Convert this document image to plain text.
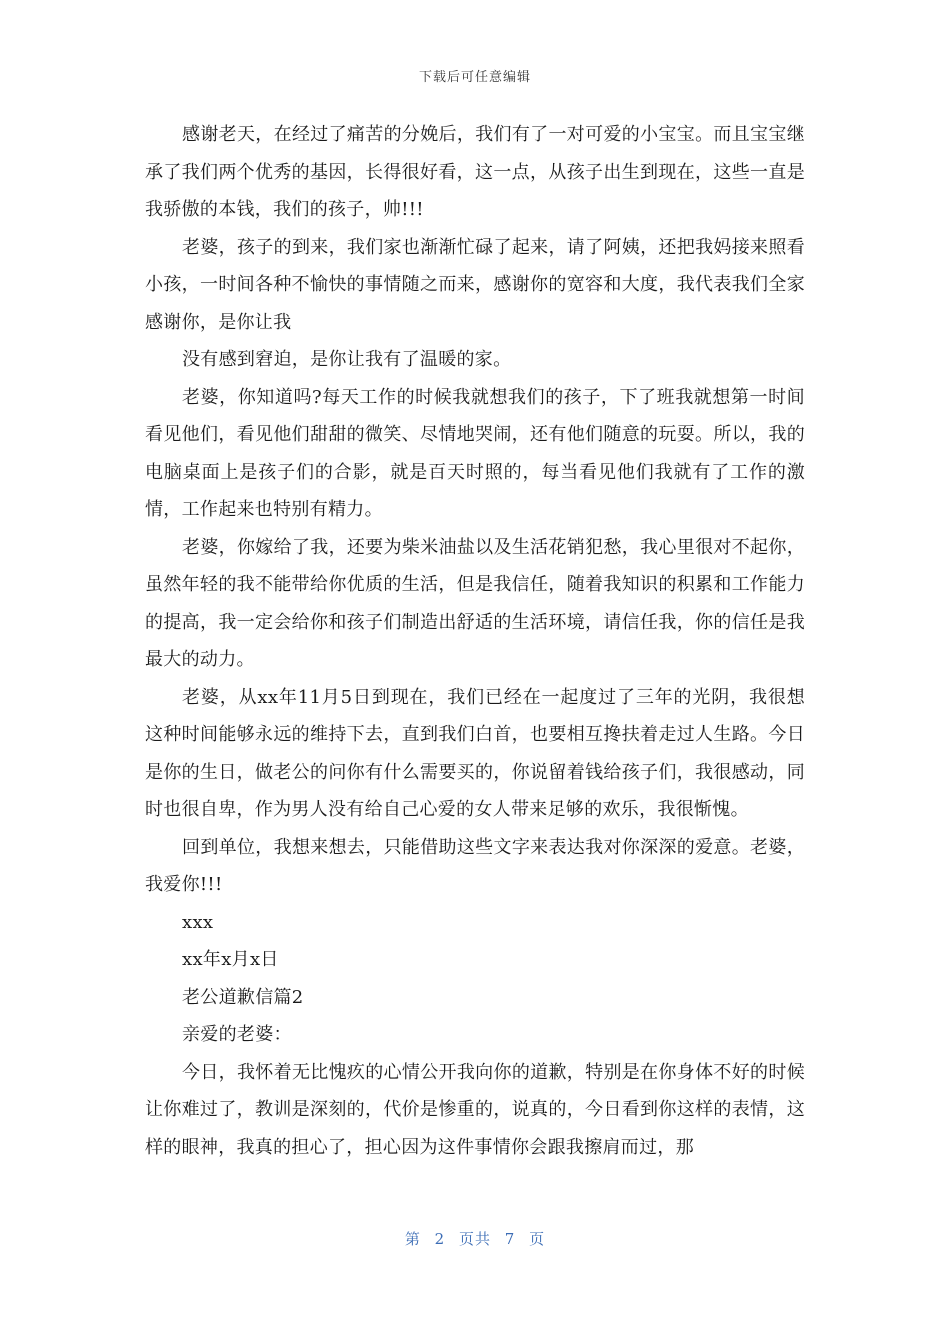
下载后可任意编辑

感谢老天，在经过了痛苦的分娩后，我们有了一对可爱的小宝宝。而且宝宝继承了我们两个优秀的基因，长得很好看，这一点，从孩子出生到现在，这些一直是我骄傲的本钱，我们的孩子，帅!!!

老婆，孩子的到来，我们家也渐渐忙碌了起来，请了阿姨，还把我妈接来照看小孩，一时间各种不愉快的事情随之而来，感谢你的宽容和大度，我代表我们全家感谢你，是你让我

没有感到窘迫，是你让我有了温暖的家。

老婆，你知道吗?每天工作的时候我就想我们的孩子，下了班我就想第一时间看见他们，看见他们甜甜的微笑、尽情地哭闹，还有他们随意的玩耍。所以，我的电脑桌面上是孩子们的合影，就是百天时照的，每当看见他们我就有了工作的激情，工作起来也特别有精力。

老婆，你嫁给了我，还要为柴米油盐以及生活花销犯愁，我心里很对不起你，虽然年轻的我不能带给你优质的生活，但是我信任，随着我知识的积累和工作能力的提高，我一定会给你和孩子们制造出舒适的生活环境，请信任我，你的信任是我最大的动力。

老婆，从xx年11月5日到现在，我们已经在一起度过了三年的光阴，我很想这种时间能够永远的维持下去，直到我们白首，也要相互搀扶着走过人生路。今日是你的生日，做老公的问你有什么需要买的，你说留着钱给孩子们，我很感动，同时也很自卑，作为男人没有给自己心爱的女人带来足够的欢乐，我很惭愧。

回到单位，我想来想去，只能借助这些文字来表达我对你深深的爱意。老婆，我爱你!!!

xxx

xx年x月x日

老公道歉信篇2

亲爱的老婆：

今日，我怀着无比愧疚的心情公开我向你的道歉，特别是在你身体不好的时候让你难过了，教训是深刻的，代价是惨重的，说真的，今日看到你这样的表情，这样的眼神，我真的担心了，担心因为这件事情你会跟我擦肩而过，那

第 2 页共 7 页
